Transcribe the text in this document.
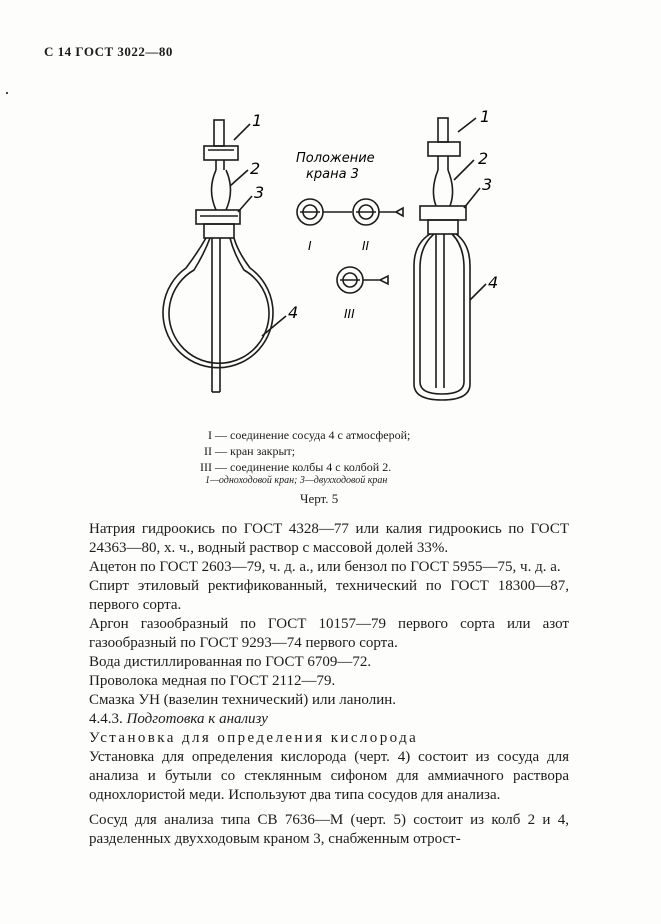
С 14 ГОСТ 3022—80
1
2
3
4
1
2
3
4
Положение
крана 3
I	II
III
I — соединение сосуда 4 с атмосферой;
II — кран закрыт;
III — соединение колбы 4 с колбой 2.
1—одноходовой кран; 3—двухходовой кран
Черт. 5

Натрия гидроокись по ГОСТ 4328—77 или калия гидроокись по ГОСТ 24363—80, х. ч., водный раствор с массовой долей 33%.

Ацетон по ГОСТ 2603—79, ч. д. а., или бензол по ГОСТ 5955—75, ч. д. а.

Спирт этиловый ректификованный, технический по ГОСТ 18300—87, первого сорта.

Аргон газообразный по ГОСТ 10157—79 первого сорта или азот газообразный по ГОСТ 9293—74 первого сорта.

Вода дистиллированная по ГОСТ 6709—72.

Проволока медная по ГОСТ 2112—79.

Смазка УН (вазелин технический) или ланолин.

4.4.3. Подготовка к анализу

Установка для определения кислорода

Установка для определения кислорода (черт. 4) состоит из сосуда для анализа и бутыли со стеклянным сифоном для аммиачного раствора однохлористой меди. Используют два типа сосудов для анализа.

Сосуд для анализа типа СВ 7636—М (черт. 5) состоит из колб 2 и 4, разделенных двухходовым краном 3, снабженным отрост-
